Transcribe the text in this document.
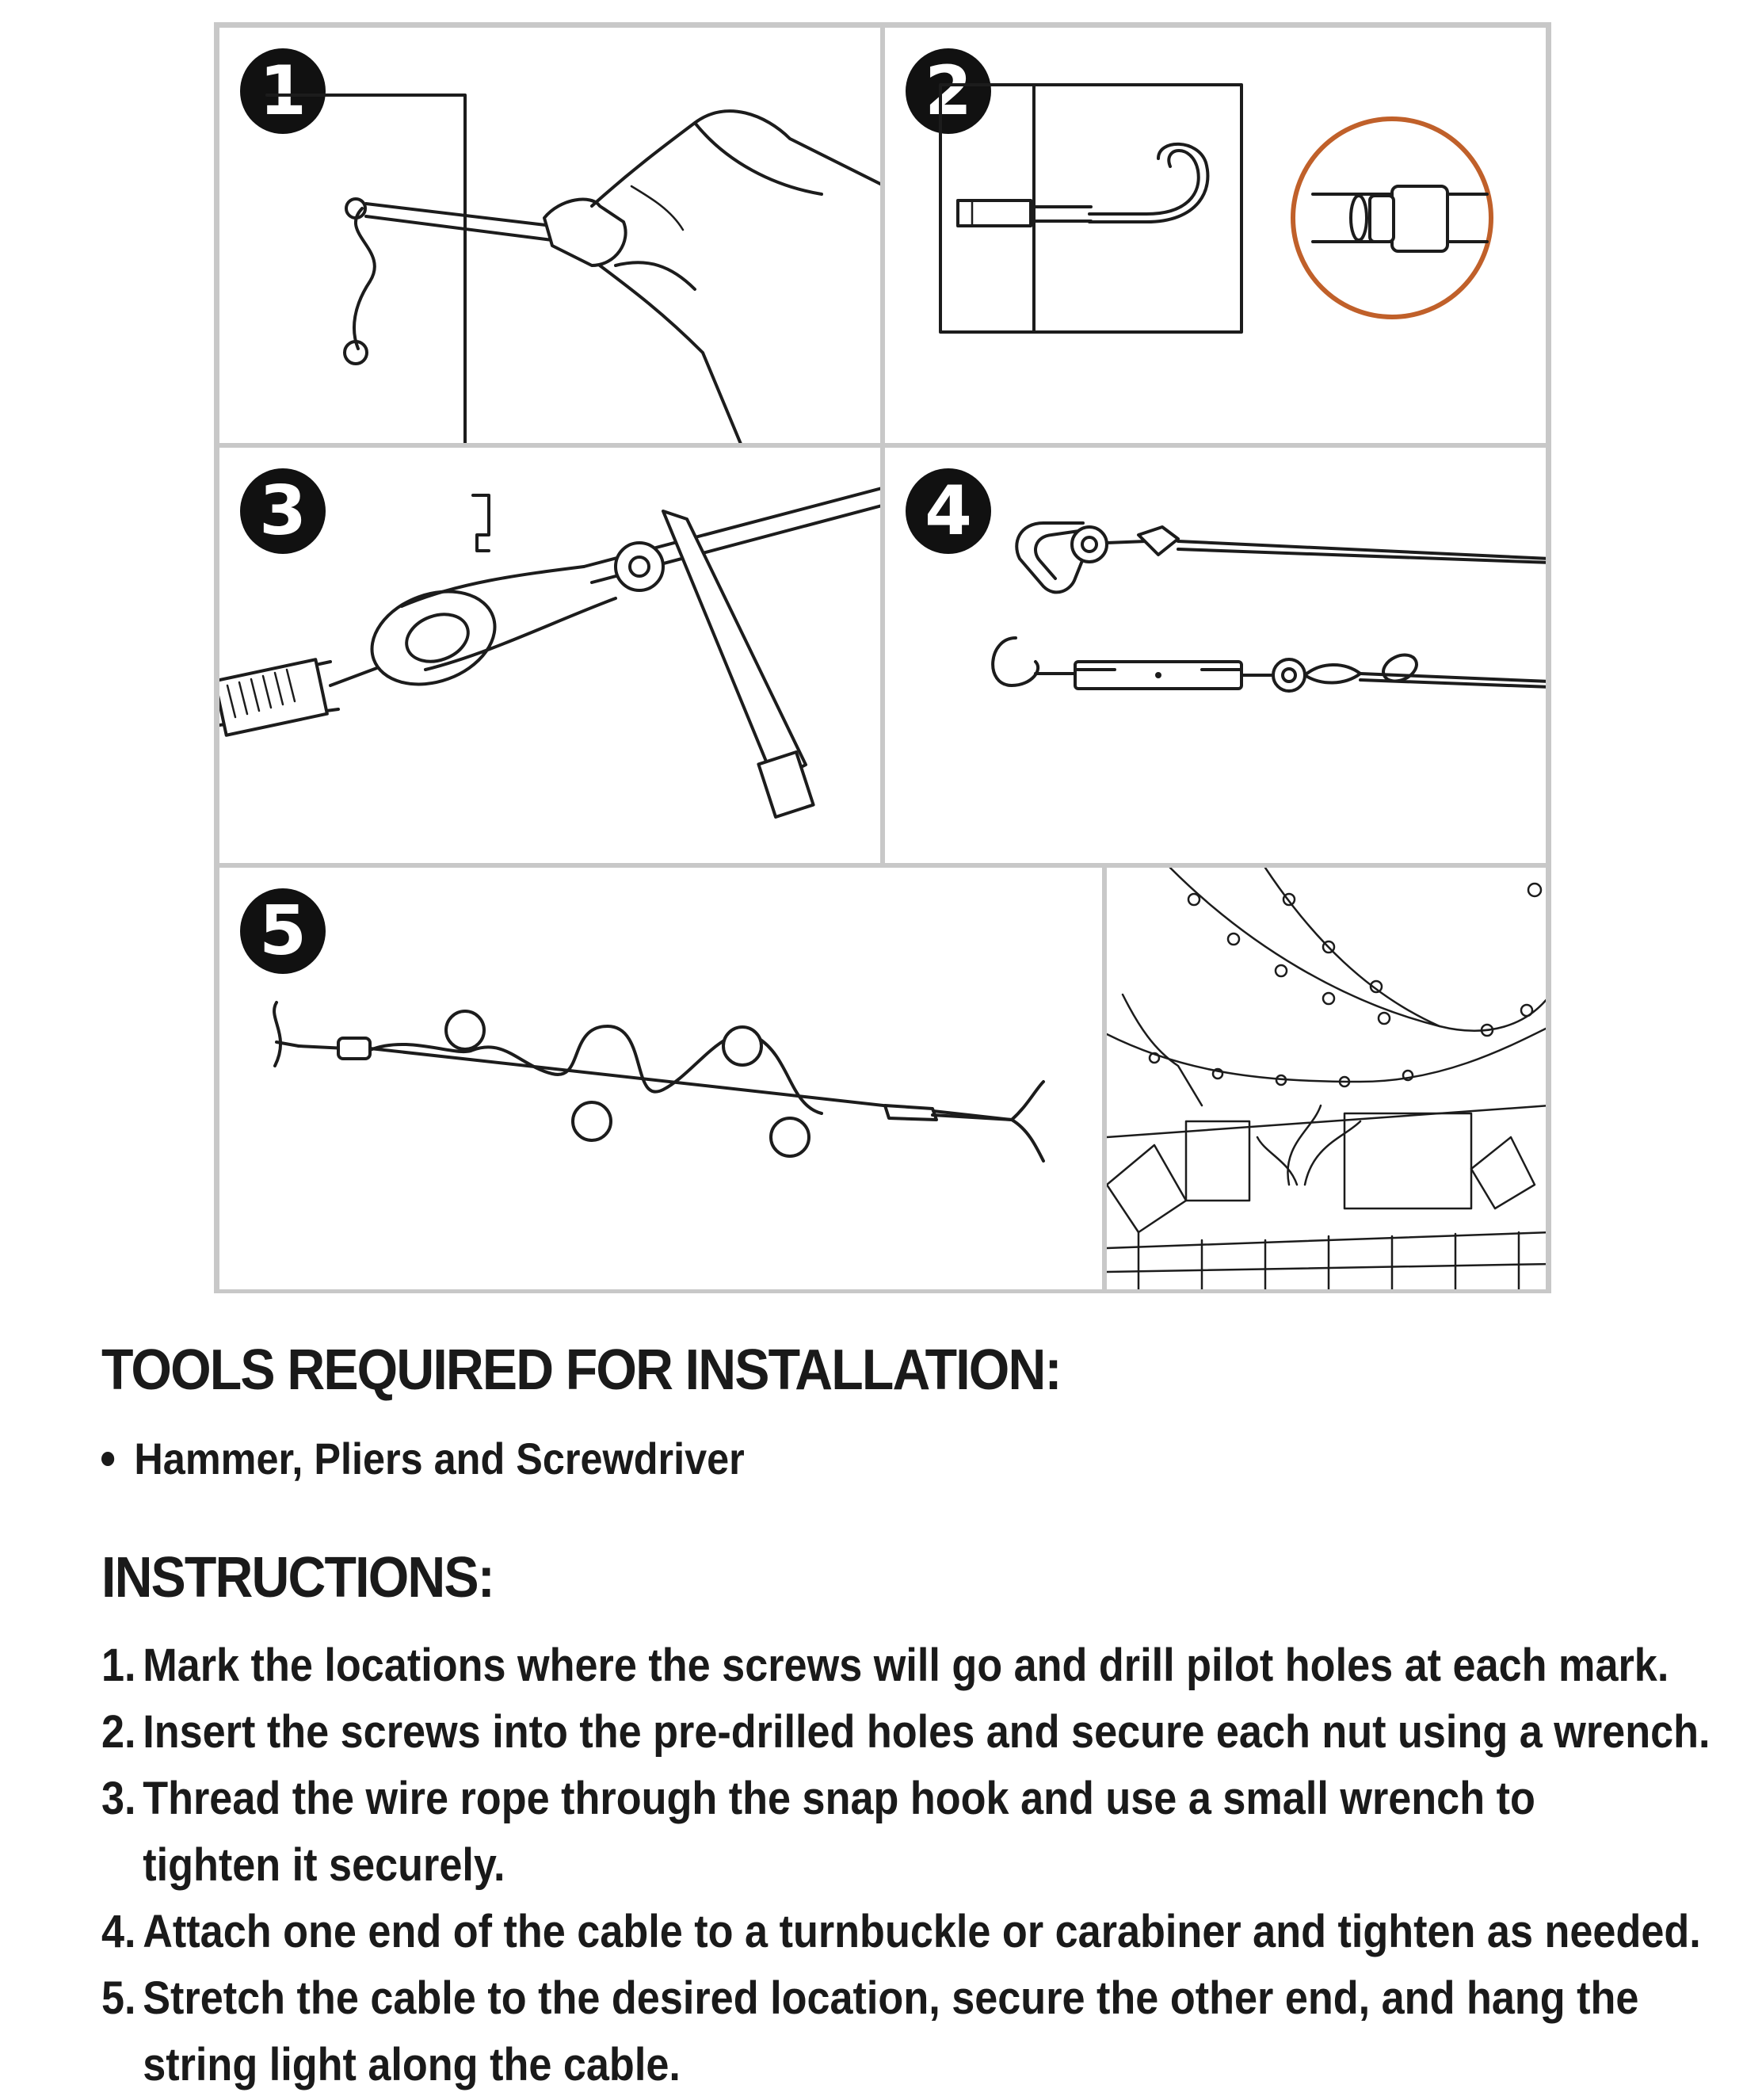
1	2
3	4
5
TOOLS REQUIRED FOR INSTALLATION:
Hammer, Pliers and Screwdriver
INSTRUCTIONS:
1. Mark the locations where the screws will go and drill pilot holes at each mark.
2. Insert the screws into the pre-drilled holes and secure each nut using a wrench.
3. Thread the wire rope through the snap hook and use a small wrench to
tighten it securely.
4. Attach one end of the cable to a turnbuckle or carabiner and tighten as needed.
5. Stretch the cable to the desired location, secure the other end, and hang the
string light along the cable.
